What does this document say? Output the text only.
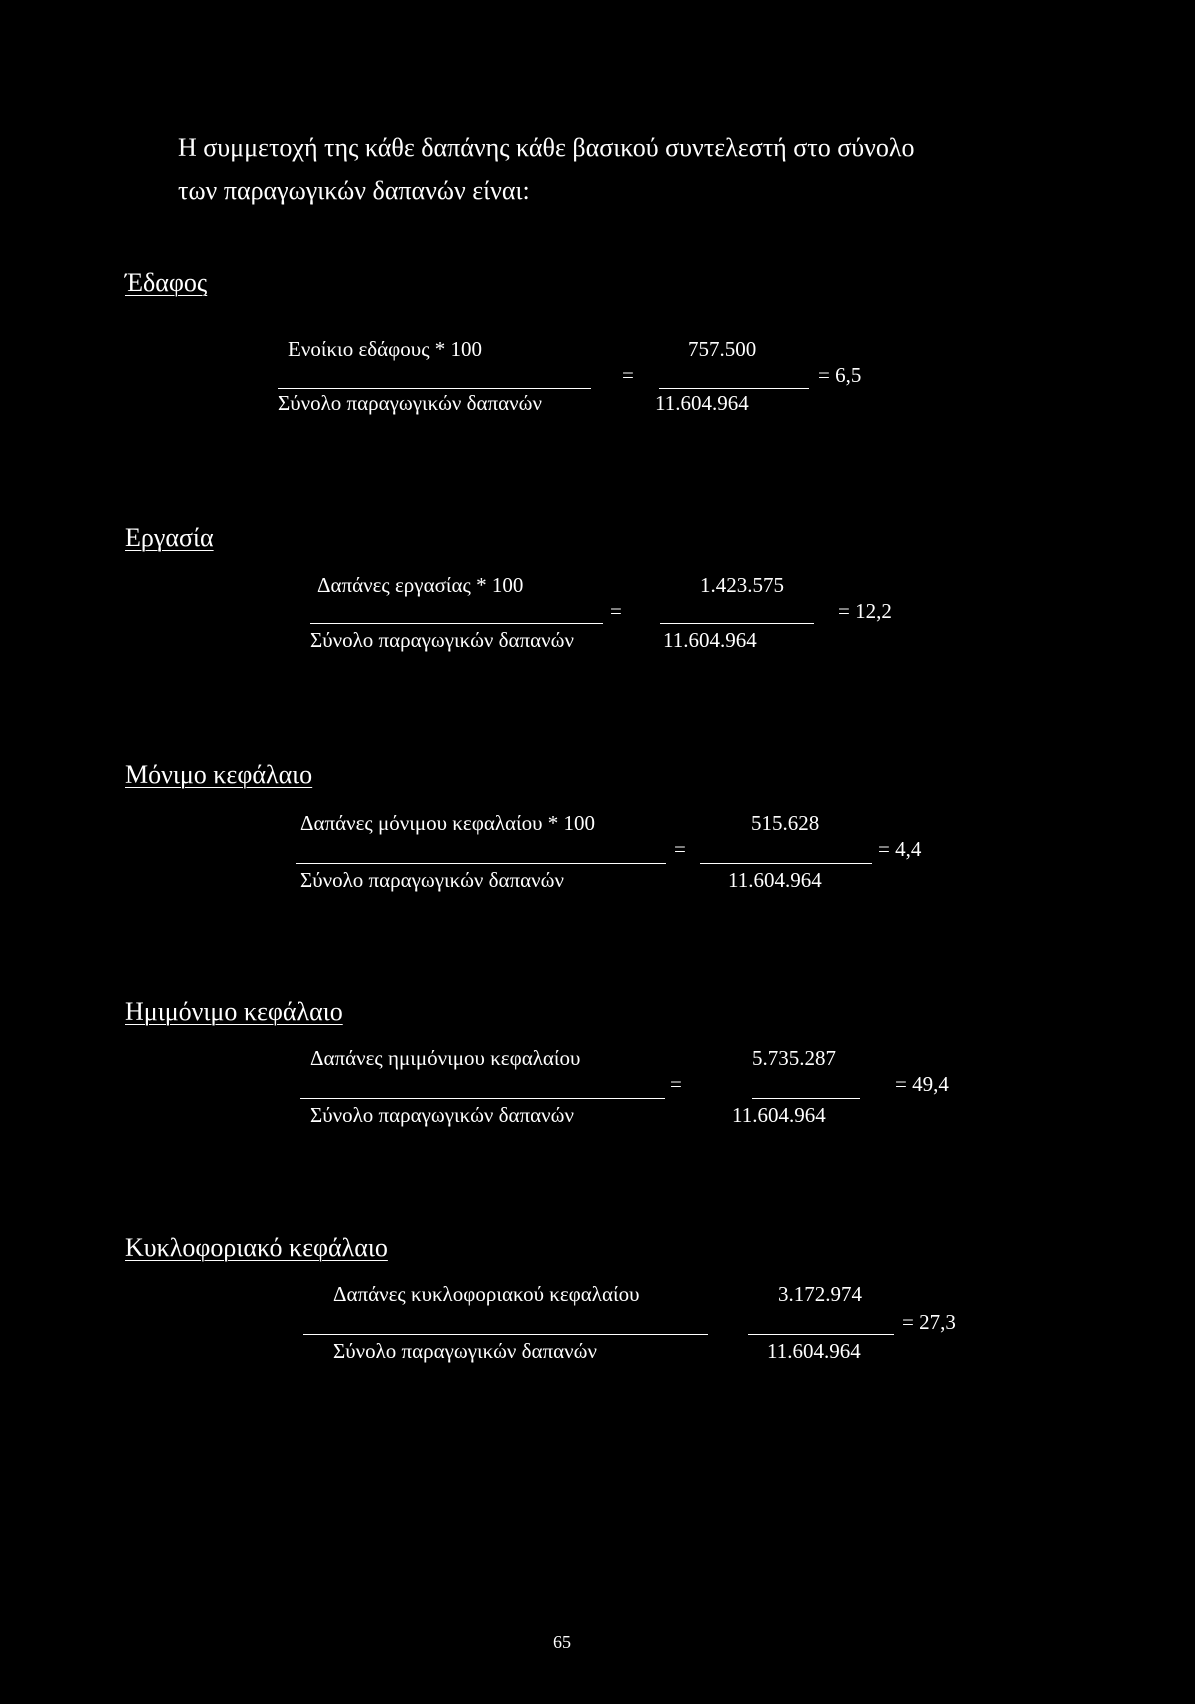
Η συμμετοχή της κάθε δαπάνης κάθε βασικού συντελεστή στο σύνολο
των παραγωγικών δαπανών είναι:
Έδαφος
Ενοίκιο εδάφους * 100
Σύνολο παραγωγικών δαπανών
=
757.500
11.604.964
= 6,5
Εργασία
Δαπάνες εργασίας * 100
Σύνολο παραγωγικών δαπανών
=
1.423.575
11.604.964
= 12,2
Μόνιμο κεφάλαιο
Δαπάνες μόνιμου κεφαλαίου * 100
Σύνολο παραγωγικών δαπανών
=
515.628
11.604.964
= 4,4
Ημιμόνιμο κεφάλαιο
Δαπάνες ημιμόνιμου κεφαλαίου
Σύνολο παραγωγικών δαπανών
=
5.735.287
11.604.964
= 49,4
Κυκλοφοριακό κεφάλαιο
Δαπάνες κυκλοφοριακού κεφαλαίου
Σύνολο παραγωγικών δαπανών
3.172.974
11.604.964
= 27,3
65
